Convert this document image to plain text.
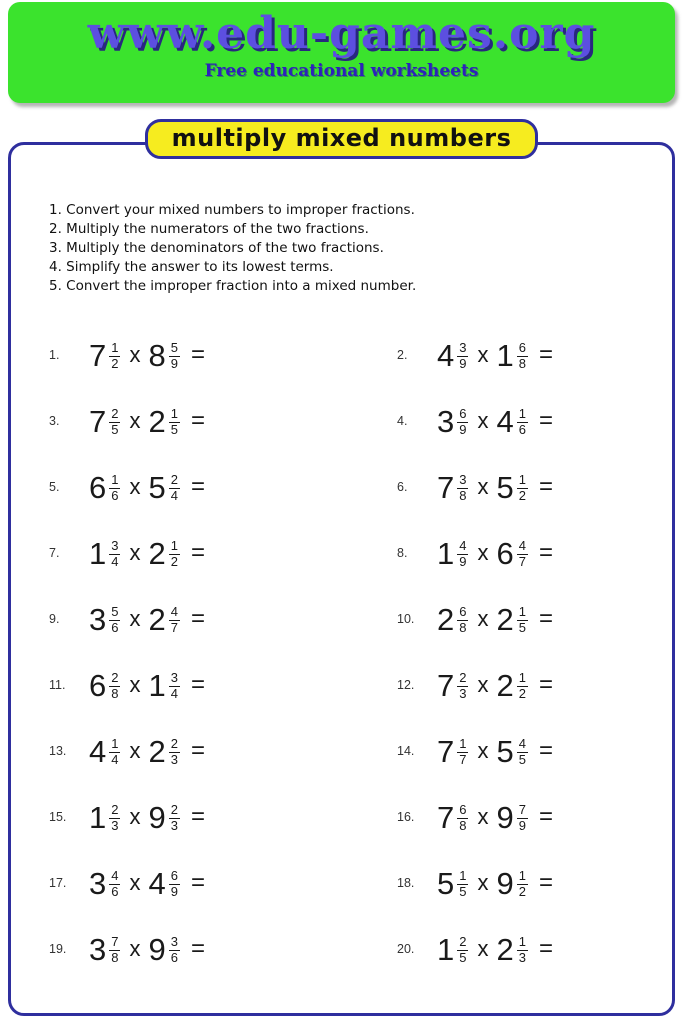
www.edu-games.org
Free educational worksheets
multiply mixed numbers
1. Convert your mixed numbers to improper fractions.
2. Multiply the numerators of the two fractions.
3. Multiply the denominators of the two fractions.
4. Simplify the answer to its lowest terms.
5. Convert the improper fraction into a mixed number.
1. $7 \frac{1}{2}$ x $8 \frac{5}{9}$ =	2. $4 \frac{3}{9}$ x $1 \frac{6}{8}$ =
3. $7 \frac{2}{5}$ x $2 \frac{1}{5}$ =	4. $3 \frac{6}{9}$ x $4 \frac{1}{6}$ =
5. $6 \frac{1}{6}$ x $5 \frac{2}{4}$ =	6. $7 \frac{3}{8}$ x $5 \frac{1}{2}$ =
7. $1 \frac{3}{4}$ x $2 \frac{1}{2}$ =	8. $1 \frac{4}{9}$ x $6 \frac{4}{7}$ =
9. $3 \frac{5}{6}$ x $2 \frac{4}{7}$ =	10. $2 \frac{6}{8}$ x $2 \frac{1}{5}$ =
11. $6 \frac{2}{8}$ x $1 \frac{3}{4}$ =	12. $7 \frac{2}{3}$ x $2 \frac{1}{2}$ =
13. $4 \frac{1}{4}$ x $2 \frac{2}{3}$ =	14. $7 \frac{1}{7}$ x $5 \frac{4}{5}$ =
15. $1 \frac{2}{3}$ x $9 \frac{2}{3}$ =	16. $7 \frac{6}{8}$ x $9 \frac{7}{9}$ =
17. $3 \frac{4}{6}$ x $4 \frac{6}{9}$ =	18. $5 \frac{1}{5}$ x $9 \frac{1}{2}$ =
19. $3 \frac{7}{8}$ x $9 \frac{3}{6}$ =	20. $1 \frac{2}{5}$ x $2 \frac{1}{3}$ =
